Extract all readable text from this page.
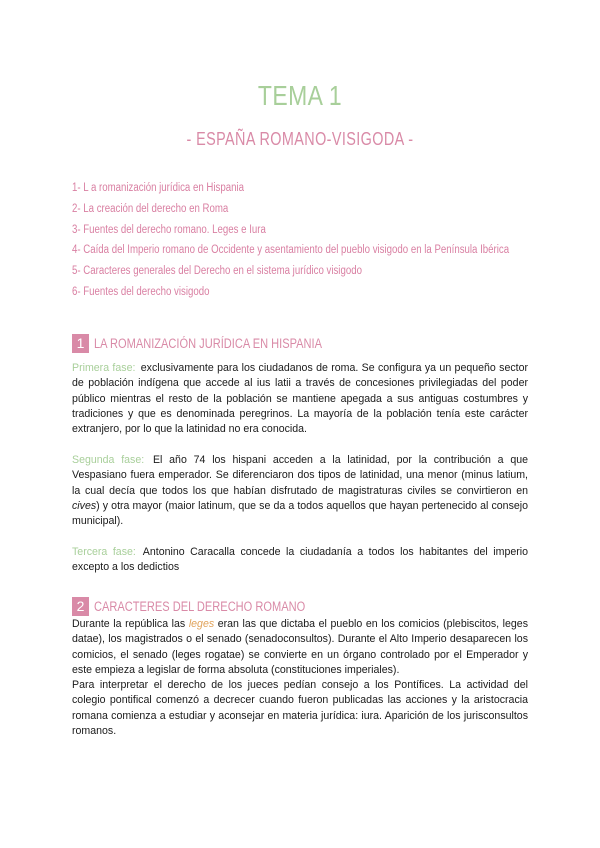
TEMA 1
- ESPAÑA ROMANO-VISIGODA -
1- L a romanización jurídica en Hispania
2- La creación del derecho en Roma
3- Fuentes del derecho romano. Leges e Iura
4- Caída del Imperio romano de Occidente y asentamiento del pueblo visigodo en la Península Ibérica
5- Caracteres generales del Derecho en el sistema jurídico visigodo
6- Fuentes del derecho visigodo
1 LA ROMANIZACIÓN JURÍDICA EN HISPANIA
Primera fase: exclusivamente para los ciudadanos de roma. Se configura ya un pequeño sector de población indígena que accede al ius latii a través de concesiones privilegiadas del poder público mientras el resto de la población se mantiene apegada a sus antiguas costumbres y tradiciones y que es denominada peregrinos. La mayoría de la población tenía este carácter extranjero, por lo que la latinidad no era conocida.
Segunda fase: El año 74 los hispani acceden a la latinidad, por la contribución a que Vespasiano fuera emperador. Se diferenciaron dos tipos de latinidad, una menor (minus latium, la cual decía que todos los que habían disfrutado de magistraturas civiles se convirtieron en cives) y otra mayor (maior latinum, que se da a todos aquellos que hayan pertenecido al consejo municipal).
Tercera fase: Antonino Caracalla concede la ciudadanía a todos los habitantes del imperio excepto a los dedictios
2 CARACTERES DEL DERECHO ROMANO
Durante la república las leges eran las que dictaba el pueblo en los comicios (plebiscitos, leges datae), los magistrados o el senado (senadoconsultos). Durante el Alto Imperio desaparecen los comicios, el senado (leges rogatae) se convierte en un órgano controlado por el Emperador y este empieza a legislar de forma absoluta (constituciones imperiales).
Para interpretar el derecho de los jueces pedían consejo a los Pontífices. La actividad del colegio pontifical comenzó a decrecer cuando fueron publicadas las acciones y la aristocracia romana comienza a estudiar y aconsejar en materia jurídica: iura. Aparición de los jurisconsultos romanos.
